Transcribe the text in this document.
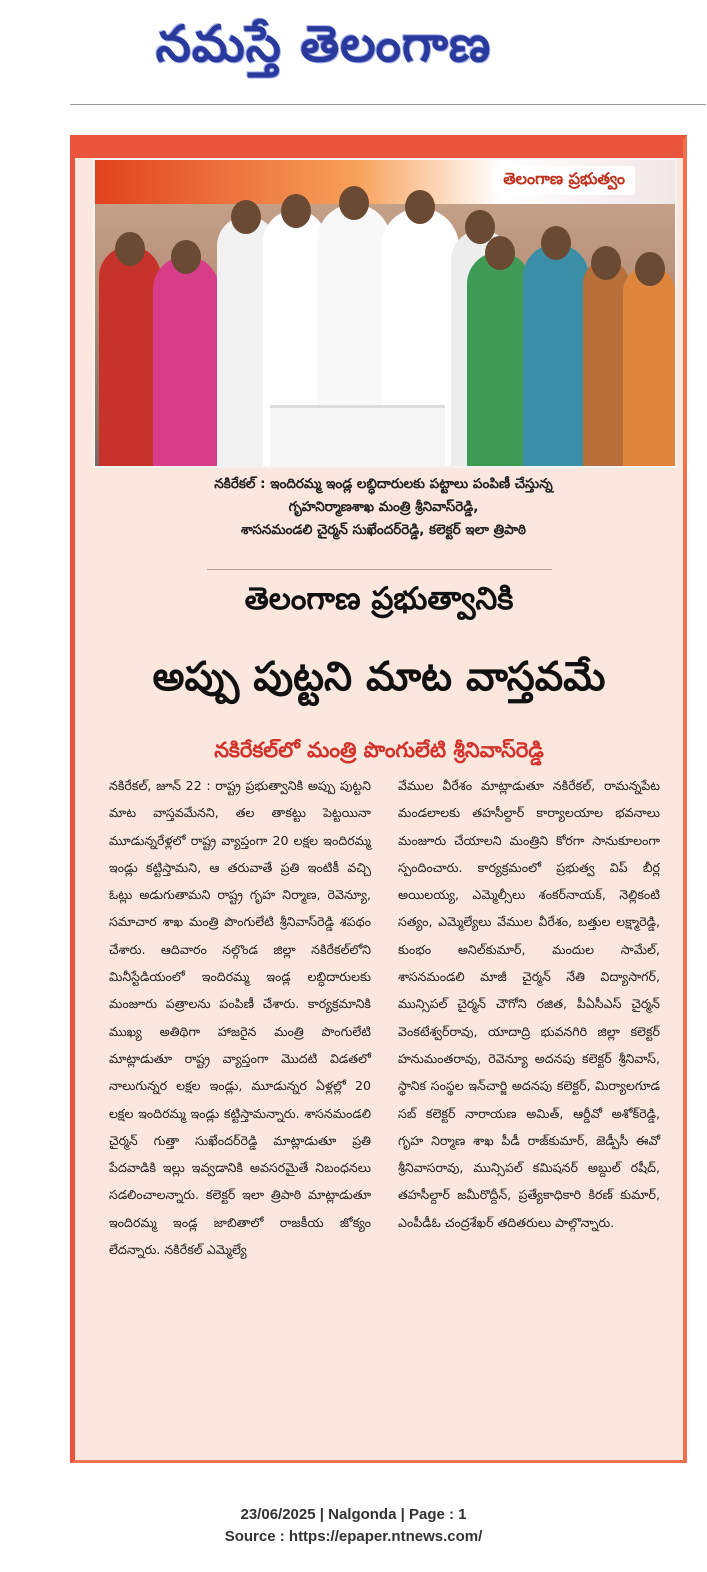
నమస్తే తెలంగాణ
తెలంగాణ ప్రభుత్వం
నకిరేకల్ : ఇందిరమ్మ ఇండ్ల లబ్ధిదారులకు పట్టాలు పంపిణీ చేస్తున్న
గృహనిర్మాణశాఖ మంత్రి శ్రీనివాస్‌రెడ్డి,
శాసనమండలి చైర్మన్ సుఖేందర్‌రెడ్డి, కలెక్టర్ ఇలా త్రిపాఠి
తెలంగాణ ప్రభుత్వానికి
అప్పు పుట్టని మాట వాస్తవమే
నకిరేకల్‌లో మంత్రి పొంగులేటి శ్రీనివాస్‌రెడ్డి

నకిరేకల్, జూన్ 22 : రాష్ట్ర ప్రభుత్వానికి అప్పు పుట్టని మాట వాస్తవమేనని, తల తాకట్టు పెట్టయినా మూడున్నరేళ్లలో రాష్ట్ర వ్యాప్తంగా 20 లక్షల ఇందిరమ్మ ఇండ్లు కట్టిస్తామని, ఆ తరువాతే ప్రతి ఇంటికీ వచ్చి ఓట్లు అడుగుతామని రాష్ట్ర గృహ నిర్మాణ, రెవెన్యూ, సమాచార శాఖ మంత్రి పొంగులేటి శ్రీనివాస్‌రెడ్డి శపథం చేశారు. ఆదివారం నల్గొండ జిల్లా నకిరేకల్‌లోని మినీస్టేడియంలో ఇందిరమ్మ ఇండ్ల లబ్ధిదారులకు మంజూరు పత్రాలను పంపిణీ చేశారు. కార్యక్రమానికి ముఖ్య అతిథిగా హాజరైన మంత్రి పొంగులేటి మాట్లాడుతూ రాష్ట్ర వ్యాప్తంగా మొదటి విడతలో నాలుగున్నర లక్షల ఇండ్లు, మూడున్నర ఏళ్లల్లో 20 లక్షల ఇందిరమ్మ ఇండ్లు కట్టిస్తామన్నారు. శాసనమండలి చైర్మన్ గుత్తా సుఖేందర్‌రెడ్డి మాట్లాడుతూ ప్రతి పేదవాడికి ఇల్లు ఇవ్వడానికి అవసరమైతే నిబంధనలు సడలించాలన్నారు. కలెక్టర్ ఇలా త్రిపాఠి మాట్లాడుతూ ఇందిరమ్మ ఇండ్ల జాబితాలో రాజకీయ జోక్యం లేదన్నారు. నకిరేకల్ ఎమ్మెల్యే

వేముల వీరేశం మాట్లాడుతూ నకిరేకల్, రామన్నపేట మండలాలకు తహసీల్దార్ కార్యాలయాల భవనాలు మంజూరు చేయాలని మంత్రిని కోరగా సానుకూలంగా స్పందించారు. కార్యక్రమంలో ప్రభుత్వ విప్ బీర్ల అయిలయ్య, ఎమ్మెల్సీలు శంకర్‌నాయక్, నెల్లికంటి సత్యం, ఎమ్మెల్యేలు వేముల వీరేశం, బత్తుల లక్ష్మారెడ్డి, కుంభం అనిల్‌కుమార్, మందుల సామేల్, శాసనమండలి మాజీ చైర్మన్ నేతి విద్యాసాగర్, మున్సిపల్ చైర్మన్ చౌగోని రజిత, పీఏసీఎస్ చైర్మన్ వెంకటేశ్వర్‌రావు, యాదాద్రి భువనగిరి జిల్లా కలెక్టర్ హనుమంతరావు, రెవెన్యూ అదనపు కలెక్టర్ శ్రీనివాస్, స్థానిక సంస్థల ఇన్‌చార్జి అదనపు కలెక్టర్, మిర్యాలగూడ సబ్ కలెక్టర్ నారాయణ అమిత్, ఆర్డీవో అశోక్‌రెడ్డి, గృహ నిర్మాణ శాఖ పీడీ రాజ్‌కుమార్, జెడ్పీసీ ఈవో శ్రీనివాసరావు, మున్సిపల్ కమిషనర్ అబ్దుల్ రషీద్, తహసీల్దార్ జమీరొద్దీన్, ప్రత్యేకాధికారి కిరణ్ కుమార్, ఎంపీడీఓ చంద్రశేఖర్ తదితరులు పాల్గొన్నారు.

23/06/2025 | Nalgonda | Page : 1
Source : https://epaper.ntnews.com/
